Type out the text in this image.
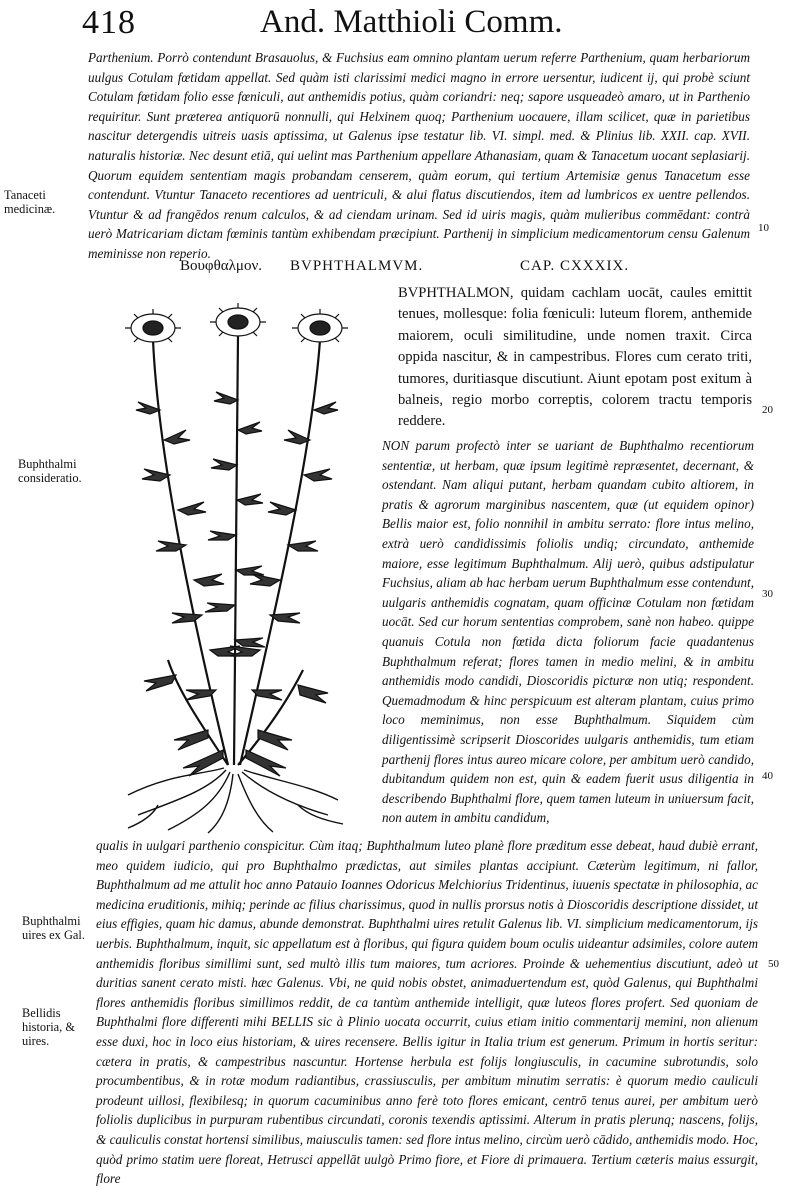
418	And. Matthioli Comm.

Parthenium. Porrò contendunt Brasauolus, & Fuchsius eam omnino plantam uerum referre Parthenium, quam herbariorum uulgus Cotulam fœtidam appellat. Sed quàm isti clarissimi medici magno in errore uersentur, iudicent ij, qui probè sciunt Cotulam fœtidam folio esse fœniculi, aut anthemidis potius, quàm coriandri: neq; sapore usqueadeò amaro, ut in Parthenio requiritur. Sunt præterea antiquorū nonnulli, qui Helxinem quoq; Parthenium uocauere, illam scilicet, quæ in parietibus nascitur detergendis uitreis uasis aptissima, ut Galenus ipse testatur lib. VI. simpl. med. & Plinius lib. XXII. cap. XVII. naturalis historiæ. Nec desunt etiā, qui uelint mas Parthenium appellare Athanasiam, quam & Tanacetum uocant seplasiarij. Quorum equidem sententiam magis probandam censerem, quàm eorum, qui tertium Artemisiæ genus Tanacetum esse contendunt. Vtuntur Tanaceto recentiores ad uentriculi, & alui flatus discutiendos, item ad lumbricos ex uentre pellendos. Vtuntur & ad frangēdos renum calculos, & ad ciendam urinam. Sed id uiris magis, quàm mulieribus commēdant: contrà uerò Matricariam dictam fœminis tantùm exhibendam præcipiunt. Parthenij in simplicium medicamentorum censu Galenum meminisse non reperio.

Tanaceti medicinæ.
10
Βουφθαλμον. BVPHTHALMVM.	CAP. CXXXIX.

BVPHTHALMON, quidam cachlam uocāt, caules emittit tenues, mollesque: folia fœniculi: luteum florem, anthemide maiorem, oculi similitudine, unde nomen traxit. Circa oppida nascitur, & in campestribus. Flores cum cerato triti, tumores, duritiasque discutiunt. Aiunt epotam post exitum à balneis, regio morbo correptis, colorem tractu temporis reddere.

20

NON parum profectò inter se uariant de Buphthalmo recentiorum sententiæ, ut herbam, quæ ipsum legitimè repræsentet, decernant, & ostendant. Nam aliqui putant, herbam quandam cubito altiorem, in pratis & agrorum marginibus nascentem, quæ (ut equidem opinor) Bellis maior est, folio nonnihil in ambitu serrato: flore intus melino, extrà uerò candidissimis foliolis undiq; circundato, anthemide maiore, esse legitimum Buphthalmum. Alij uerò, quibus adstipulatur Fuchsius, aliam ab hac herbam uerum Buphthalmum esse contendunt, uulgaris anthemidis cognatam, quam officinæ Cotulam non fœtidam uocāt. Sed cur horum sententias comprobem, sanè non habeo. quippe quanuis Cotula non fœtida dicta foliorum facie quadantenus Buphthalmum referat; flores tamen in medio melini, & in ambitu anthemidis modo candidi, Dioscoridis picturæ non utiq; respondent. Quemadmodum & hinc perspicuum est alteram plantam, cuius primo loco meminimus, non esse Buphthalmum. Siquidem cùm diligentissimè scripserit Dioscorides uulgaris anthemidis, tum etiam parthenij flores intus aureo micare colore, per ambitum uerò candido, dubitandum quidem non est, quin & eadem fuerit usus diligentia in describendo Buphthalmi flore, quem tamen luteum in uniuersum facit, non autem in ambitu candidum,

Buphthalmi consideratio.
30
40

qualis in uulgari parthenio conspicitur. Cùm itaq; Buphthalmum luteo planè flore præditum esse debeat, haud dubiè errant, meo quidem iudicio, qui pro Buphthalmo prædictas, aut similes plantas accipiunt. Cæterùm legitimum, ni fallor, Buphthalmum ad me attulit hoc anno Patauio Ioannes Odoricus Melchiorius Tridentinus, iuuenis spectatæ in philosophia, ac medicina eruditionis, mihiq; perinde ac filius charissimus, quod in nullis prorsus notis à Dioscoridis descriptione dissidet, ut eius effigies, quam hic damus, abunde demonstrat. Buphthalmi uires retulit Galenus lib. VI. simplicium medicamentorum, ijs uerbis. Buphthalmum, inquit, sic appellatum est à floribus, qui figura quidem boum oculis uideantur adsimiles, colore autem anthemidis floribus simillimi sunt, sed multò illis tum maiores, tum acriores. Proinde & uehementius discutiunt, adeò ut duritias sanent cerato misti. hæc Galenus. Vbi, ne quid nobis obstet, animaduertendum est, quòd Galenus, qui Buphthalmi flores anthemidis floribus simillimos reddit, de ca tantùm anthemide intelligit, quæ luteos flores profert. Sed quoniam de Buphthalmi flore differenti mihi BELLIS sic à Plinio uocata occurrit, cuius etiam initio commentarij memini, non alienum esse duxi, hoc in loco eius historiam, & uires recensere. Bellis igitur in Italia trium est generum. Primum in hortis seritur: cætera in pratis, & campestribus nascuntur. Hortense herbula est folijs longiusculis, in cacumine subrotundis, solo procumbentibus, & in rotæ modum radiantibus, crassiusculis, per ambitum minutim serratis: è quorum medio cauliculi prodeunt uillosi, flexibilesq; in quorum cacuminibus anno ferè toto flores emicant, centrō tenus aurei, per ambitum uerò foliolis duplicibus in purpuram rubentibus circundati, coronis texendis aptissimi. Alterum in pratis plerunq; nascens, folijs, & cauliculis constat hortensi similibus, maiusculis tamen: sed flore intus melino, circùm uerò cādido, anthemidis modo. Hoc, quòd primo statim uere floreat, Hetrusci appellāt uulgò Primo fiore, et Fiore di primauera. Tertium cæteris maius essurgit, flore

Buphthalmi uires ex Gal.
50
Bellidis historia, & uires.
